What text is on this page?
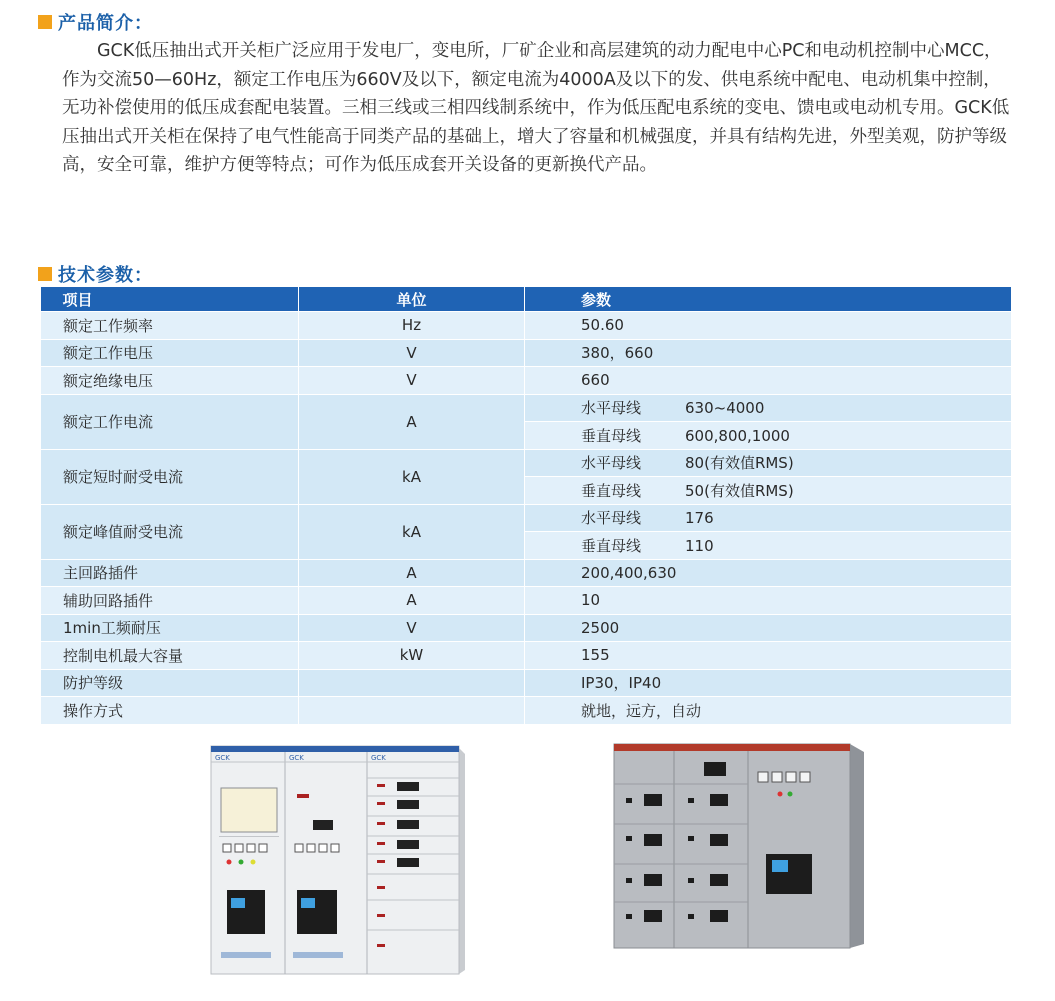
产品简介：
GCK低压抽出式开关柜广泛应用于发电厂，变电所，厂矿企业和高层建筑的动力配电中心PC和电动机控制中心MCC，作为交流50—60Hz，额定工作电压为660V及以下，额定电流为4000A及以下的发、供电系统中配电、电动机集中控制，无功补偿使用的低压成套配电装置。三相三线或三相四线制系统中，作为低压配电系统的变电、馈电或电动机专用。GCK低压抽出式开关柜在保持了电气性能高于同类产品的基础上，增大了容量和机械强度，并具有结构先进，外型美观，防护等级高，安全可靠，维护方便等特点；可作为低压成套开关设备的更新换代产品。
技术参数：
项目	单位	参数
额定工作频率	Hz	50.60
额定工作电压	V	380，660
额定绝缘电压	V	660
额定工作电流	A	水平母线 630~4000
		垂直母线 600,800,1000
额定短时耐受电流	kA	水平母线 80(有效值RMS)
		垂直母线 50(有效值RMS)
额定峰值耐受电流	kA	水平母线 176
		垂直母线 110
主回路插件	A	200,400,630
辅助回路插件	A	10
1min工频耐压	V	2500
控制电机最大容量	kW	155
防护等级		IP30，IP40
操作方式		就地，远方，自动
GCK	GCK	GCK
